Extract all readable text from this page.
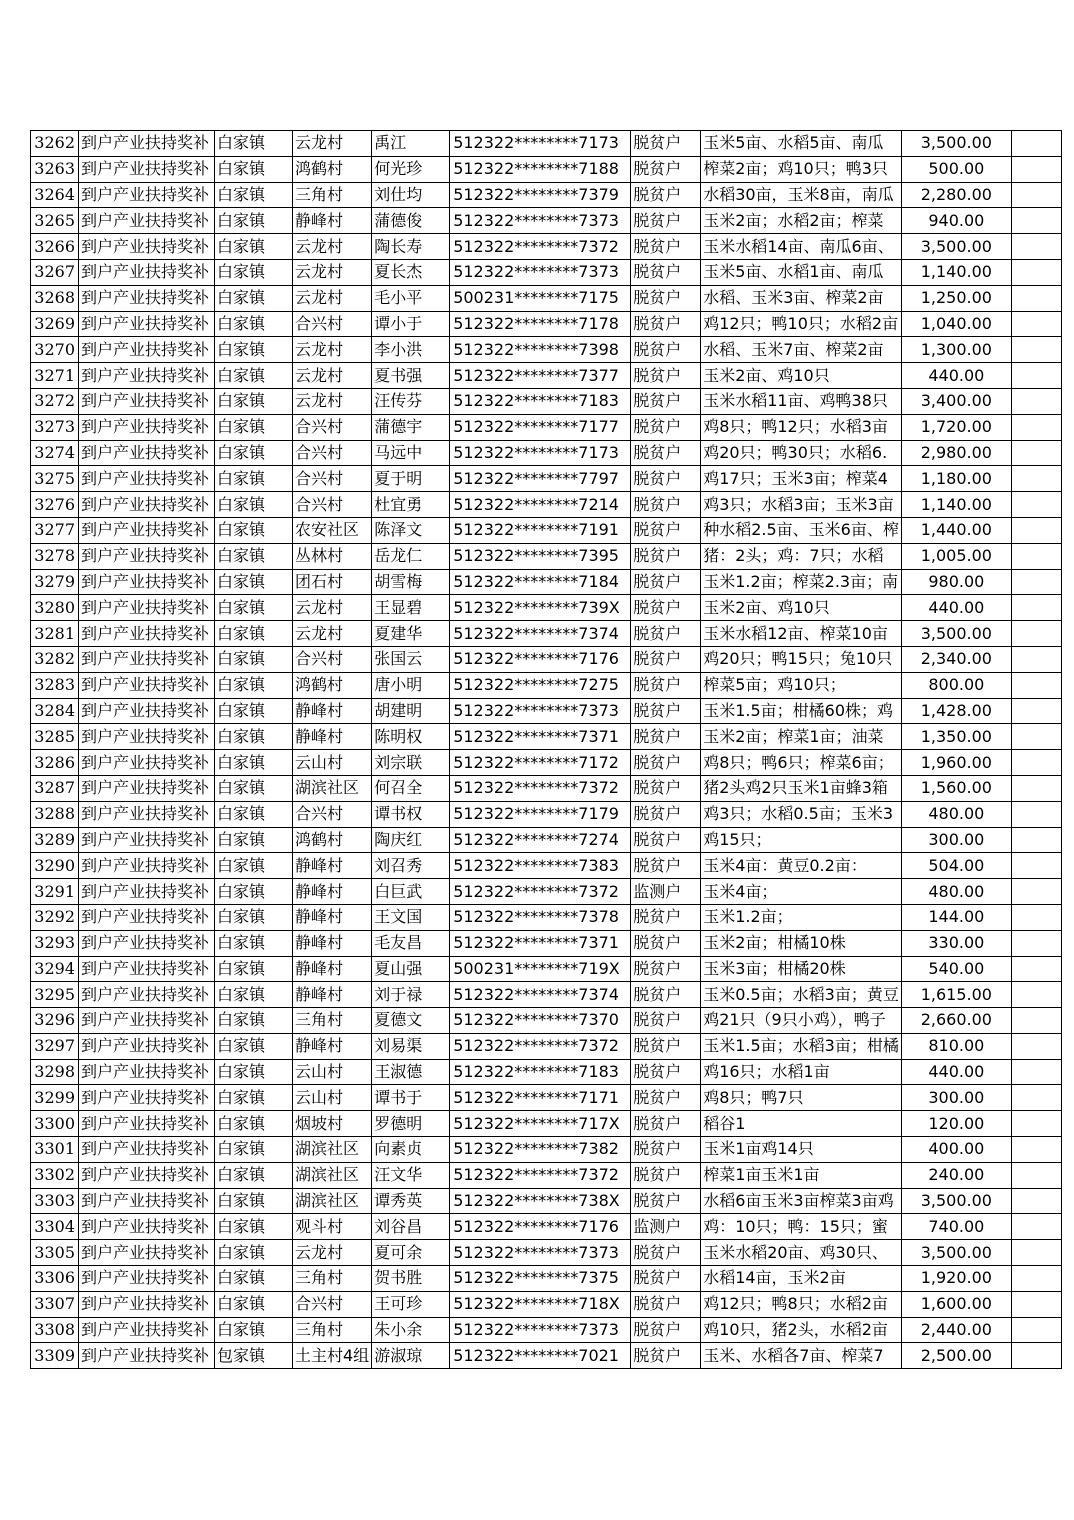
3262	到户产业扶持奖补	白家镇	云龙村	禹江	512322********7173	脱贫户	玉米5亩、水稻5亩、南瓜	3,500.00	
3263	到户产业扶持奖补	白家镇	鸿鹤村	何光珍	512322********7188	脱贫户	榨菜2亩；鸡10只；鸭3只	500.00	
3264	到户产业扶持奖补	白家镇	三角村	刘仕均	512322********7379	脱贫户	水稻30亩，玉米8亩，南瓜	2,280.00	
3265	到户产业扶持奖补	白家镇	静峰村	蒲德俊	512322********7373	脱贫户	玉米2亩；水稻2亩；榨菜	940.00	
3266	到户产业扶持奖补	白家镇	云龙村	陶长寿	512322********7372	脱贫户	玉米水稻14亩、南瓜6亩、	3,500.00	
3267	到户产业扶持奖补	白家镇	云龙村	夏长杰	512322********7373	脱贫户	玉米5亩、水稻1亩、南瓜	1,140.00	
3268	到户产业扶持奖补	白家镇	云龙村	毛小平	500231********7175	脱贫户	水稻、玉米3亩、榨菜2亩	1,250.00	
3269	到户产业扶持奖补	白家镇	合兴村	谭小于	512322********7178	脱贫户	鸡12只；鸭10只；水稻2亩	1,040.00	
3270	到户产业扶持奖补	白家镇	云龙村	李小洪	512322********7398	脱贫户	水稻、玉米7亩、榨菜2亩	1,300.00	
3271	到户产业扶持奖补	白家镇	云龙村	夏书强	512322********7377	脱贫户	玉米2亩、鸡10只	440.00	
3272	到户产业扶持奖补	白家镇	云龙村	汪传芬	512322********7183	脱贫户	玉米水稻11亩、鸡鸭38只	3,400.00	
3273	到户产业扶持奖补	白家镇	合兴村	蒲德宇	512322********7177	脱贫户	鸡8只；鸭12只；水稻3亩	1,720.00	
3274	到户产业扶持奖补	白家镇	合兴村	马远中	512322********7173	脱贫户	鸡20只；鸭30只；水稻6.	2,980.00	
3275	到户产业扶持奖补	白家镇	合兴村	夏于明	512322********7797	脱贫户	鸡17只；玉米3亩；榨菜4	1,180.00	
3276	到户产业扶持奖补	白家镇	合兴村	杜宜勇	512322********7214	脱贫户	鸡3只；水稻3亩；玉米3亩	1,140.00	
3277	到户产业扶持奖补	白家镇	农安社区	陈泽文	512322********7191	脱贫户	种水稻2.5亩、玉米6亩、榨	1,440.00	
3278	到户产业扶持奖补	白家镇	丛林村	岳龙仁	512322********7395	脱贫户	猪：2头；鸡：7只；水稻	1,005.00	
3279	到户产业扶持奖补	白家镇	团石村	胡雪梅	512322********7184	脱贫户	玉米1.2亩；榨菜2.3亩；南	980.00	
3280	到户产业扶持奖补	白家镇	云龙村	王显碧	512322********739X	脱贫户	玉米2亩、鸡10只	440.00	
3281	到户产业扶持奖补	白家镇	云龙村	夏建华	512322********7374	脱贫户	玉米水稻12亩、榨菜10亩	3,500.00	
3282	到户产业扶持奖补	白家镇	合兴村	张国云	512322********7176	脱贫户	鸡20只；鸭15只；兔10只	2,340.00	
3283	到户产业扶持奖补	白家镇	鸿鹤村	唐小明	512322********7275	脱贫户	榨菜5亩；鸡10只；	800.00	
3284	到户产业扶持奖补	白家镇	静峰村	胡建明	512322********7373	脱贫户	玉米1.5亩；柑橘60株；鸡	1,428.00	
3285	到户产业扶持奖补	白家镇	静峰村	陈明权	512322********7371	脱贫户	玉米2亩；榨菜1亩；油菜	1,350.00	
3286	到户产业扶持奖补	白家镇	云山村	刘宗联	512322********7172	脱贫户	鸡8只；鸭6只；榨菜6亩；	1,960.00	
3287	到户产业扶持奖补	白家镇	湖滨社区	何召全	512322********7372	脱贫户	猪2头鸡2只玉米1亩蜂3箱	1,560.00	
3288	到户产业扶持奖补	白家镇	合兴村	谭书权	512322********7179	脱贫户	鸡3只；水稻0.5亩；玉米3	480.00	
3289	到户产业扶持奖补	白家镇	鸿鹤村	陶庆红	512322********7274	脱贫户	鸡15只；	300.00	
3290	到户产业扶持奖补	白家镇	静峰村	刘召秀	512322********7383	脱贫户	玉米4亩：黄豆0.2亩：	504.00	
3291	到户产业扶持奖补	白家镇	静峰村	白巨武	512322********7372	监测户	玉米4亩；	480.00	
3292	到户产业扶持奖补	白家镇	静峰村	王文国	512322********7378	脱贫户	玉米1.2亩；	144.00	
3293	到户产业扶持奖补	白家镇	静峰村	毛友昌	512322********7371	脱贫户	玉米2亩；柑橘10株	330.00	
3294	到户产业扶持奖补	白家镇	静峰村	夏山强	500231********719X	脱贫户	玉米3亩；柑橘20株	540.00	
3295	到户产业扶持奖补	白家镇	静峰村	刘于禄	512322********7374	脱贫户	玉米0.5亩；水稻3亩；黄豆	1,615.00	
3296	到户产业扶持奖补	白家镇	三角村	夏德文	512322********7370	脱贫户	鸡21只（9只小鸡），鸭子	2,660.00	
3297	到户产业扶持奖补	白家镇	静峰村	刘易渠	512322********7372	脱贫户	玉米1.5亩；水稻3亩；柑橘	810.00	
3298	到户产业扶持奖补	白家镇	云山村	王淑德	512322********7183	脱贫户	鸡16只；水稻1亩	440.00	
3299	到户产业扶持奖补	白家镇	云山村	谭书于	512322********7171	脱贫户	鸡8只；鸭7只	300.00	
3300	到户产业扶持奖补	白家镇	烟坡村	罗德明	512322********717X	脱贫户	稻谷1	120.00	
3301	到户产业扶持奖补	白家镇	湖滨社区	向素贞	512322********7382	脱贫户	玉米1亩鸡14只	400.00	
3302	到户产业扶持奖补	白家镇	湖滨社区	汪文华	512322********7372	脱贫户	榨菜1亩玉米1亩	240.00	
3303	到户产业扶持奖补	白家镇	湖滨社区	谭秀英	512322********738X	脱贫户	水稻6亩玉米3亩榨菜3亩鸡	3,500.00	
3304	到户产业扶持奖补	白家镇	观斗村	刘谷昌	512322********7176	监测户	鸡：10只；鸭：15只；蜜	740.00	
3305	到户产业扶持奖补	白家镇	云龙村	夏可余	512322********7373	脱贫户	玉米水稻20亩、鸡30只、	3,500.00	
3306	到户产业扶持奖补	白家镇	三角村	贺书胜	512322********7375	脱贫户	水稻14亩，玉米2亩	1,920.00	
3307	到户产业扶持奖补	白家镇	合兴村	王可珍	512322********718X	脱贫户	鸡12只；鸭8只；水稻2亩	1,600.00	
3308	到户产业扶持奖补	白家镇	三角村	朱小余	512322********7373	脱贫户	鸡10只，猪2头，水稻2亩	2,440.00	
3309	到户产业扶持奖补	包家镇	土主村4组	游淑琼	512322********7021	脱贫户	玉米、水稻各7亩、榨菜7	2,500.00	
